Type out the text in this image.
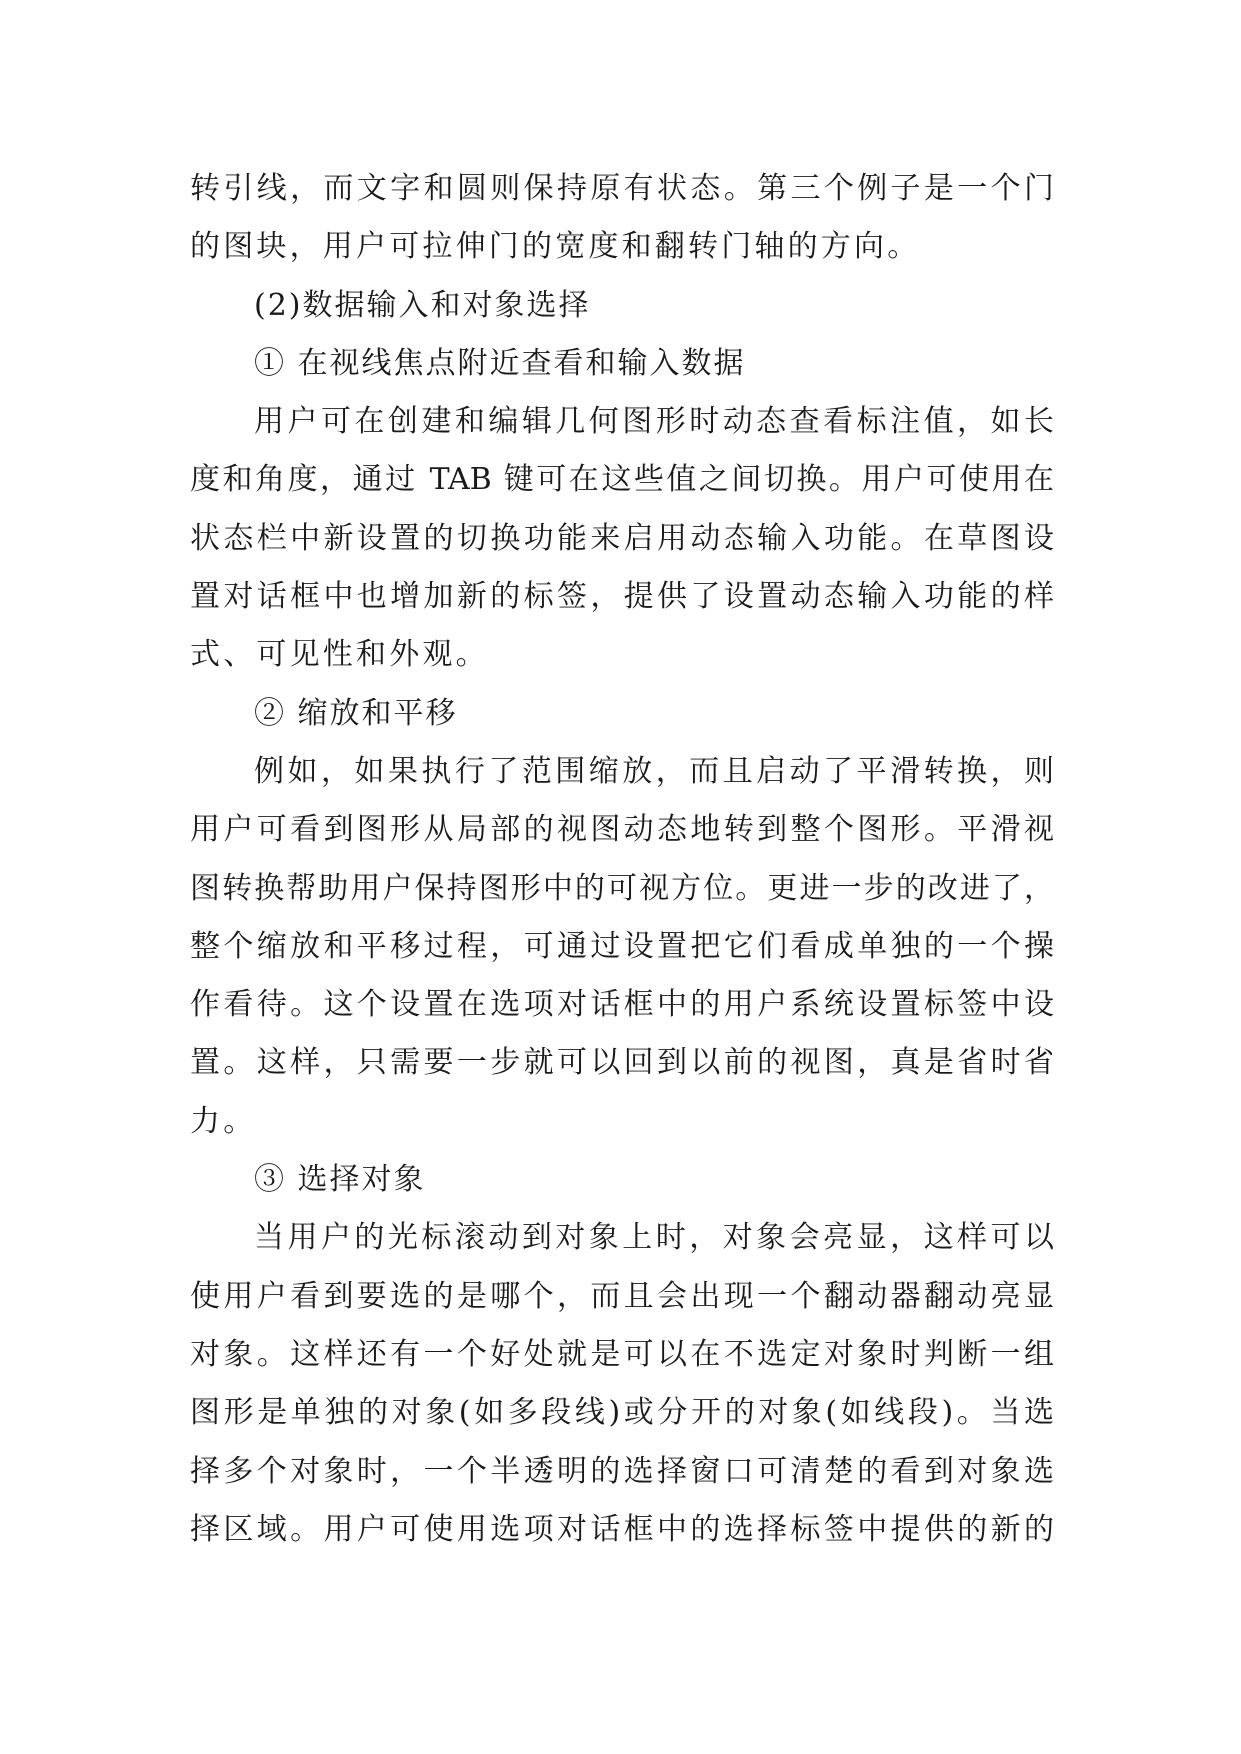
转引线，而文字和圆则保持原有状态。第三个例子是一个门
的图块，用户可拉伸门的宽度和翻转门轴的方向。
(2)数据输入和对象选择
① 在视线焦点附近查看和输入数据
用户可在创建和编辑几何图形时动态查看标注值，如长
度和角度，通过 TAB 键可在这些值之间切换。用户可使用在
状态栏中新设置的切换功能来启用动态输入功能。在草图设
置对话框中也增加新的标签，提供了设置动态输入功能的样
式、可见性和外观。
② 缩放和平移
例如，如果执行了范围缩放，而且启动了平滑转换，则
用户可看到图形从局部的视图动态地转到整个图形。平滑视
图转换帮助用户保持图形中的可视方位。更进一步的改进了，
整个缩放和平移过程，可通过设置把它们看成单独的一个操
作看待。这个设置在选项对话框中的用户系统设置标签中设
置。这样，只需要一步就可以回到以前的视图，真是省时省
力。
③ 选择对象
当用户的光标滚动到对象上时，对象会亮显，这样可以
使用户看到要选的是哪个，而且会出现一个翻动器翻动亮显
对象。这样还有一个好处就是可以在不选定对象时判断一组
图形是单独的对象(如多段线)或分开的对象(如线段)。当选
择多个对象时，一个半透明的选择窗口可清楚的看到对象选
择区域。用户可使用选项对话框中的选择标签中提供的新的
